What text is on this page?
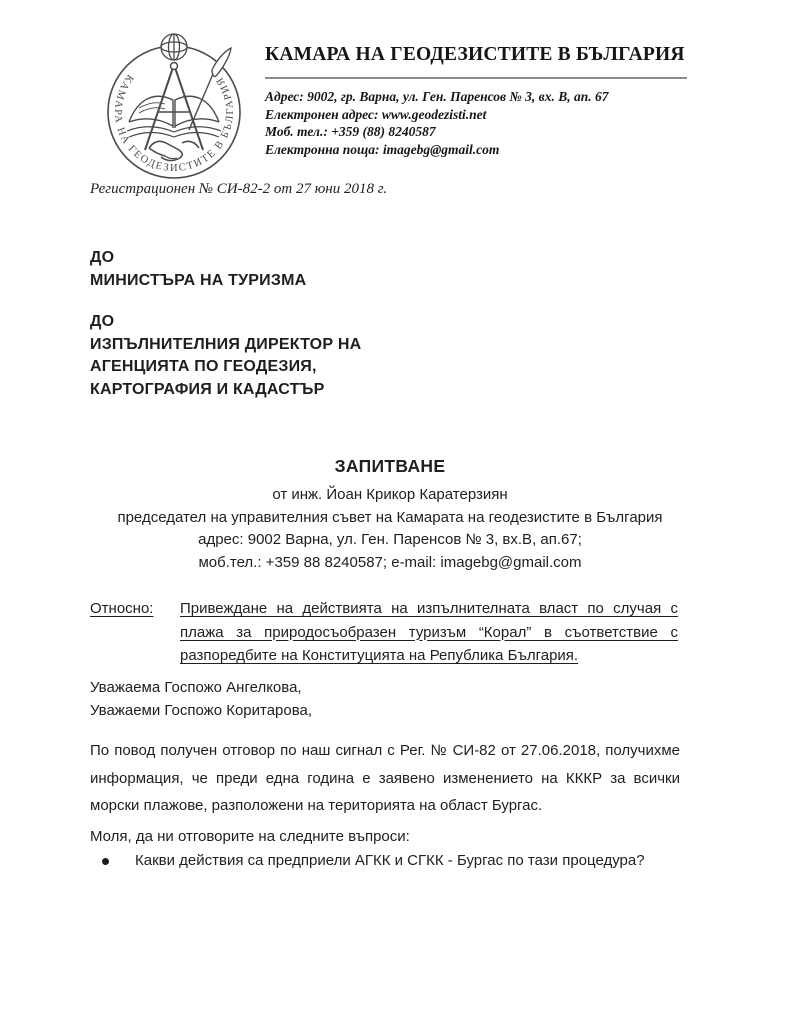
КАМАРА НА ГЕОДЕЗИСТИТЕ В БЪЛГАРИЯ
КАМАРА НА ГЕОДЕЗИСТИТЕ В БЪЛГАРИЯ

Адрес: 9002, гр. Варна, ул. Ген. Паренсов № 3, вх. В, ап. 67

Електронен адрес: www.geodezisti.net

Моб. тел.: +359 (88) 8240587

Електронна поща: imagebg@gmail.com

Регистрационен № СИ-82-2 от 27 юни 2018 г.

ДО

МИНИСТЪРА НА ТУРИЗМА

ДО

ИЗПЪЛНИТЕЛНИЯ ДИРЕКТОР НА

АГЕНЦИЯТА ПО ГЕОДЕЗИЯ,

КАРТОГРАФИЯ И КАДАСТЪР

ЗАПИТВАНЕ

от инж. Йоан Крикор Каратерзиян

председател на управителния съвет на Камарата на геодезистите в България

адрес: 9002 Варна, ул. Ген. Паренсов № 3, вх.В, ап.67;

моб.тел.: +359 88 8240587; e-mail: imagebg@gmail.com

Относно:	Привеждане на действията на изпълнителната власт по случая с
плажа за природосъобразен туризъм “Корал” в съответствие с
разпоредбите на Конституцията на Република България.

Уважаема Госпожо Ангелкова,

Уважаеми Госпожо Коритарова,

По повод получен отговор по наш сигнал с Рег. № СИ-82 от 27.06.2018, получихме информация, че преди една година е заявено изменението на КККР за всички морски плажове, разположени на територията на област Бургас.

Моля, да ни отговорите на следните въпроси:

Какви действия са предприели АГКК и СГКК - Бургас по тази процедура?
